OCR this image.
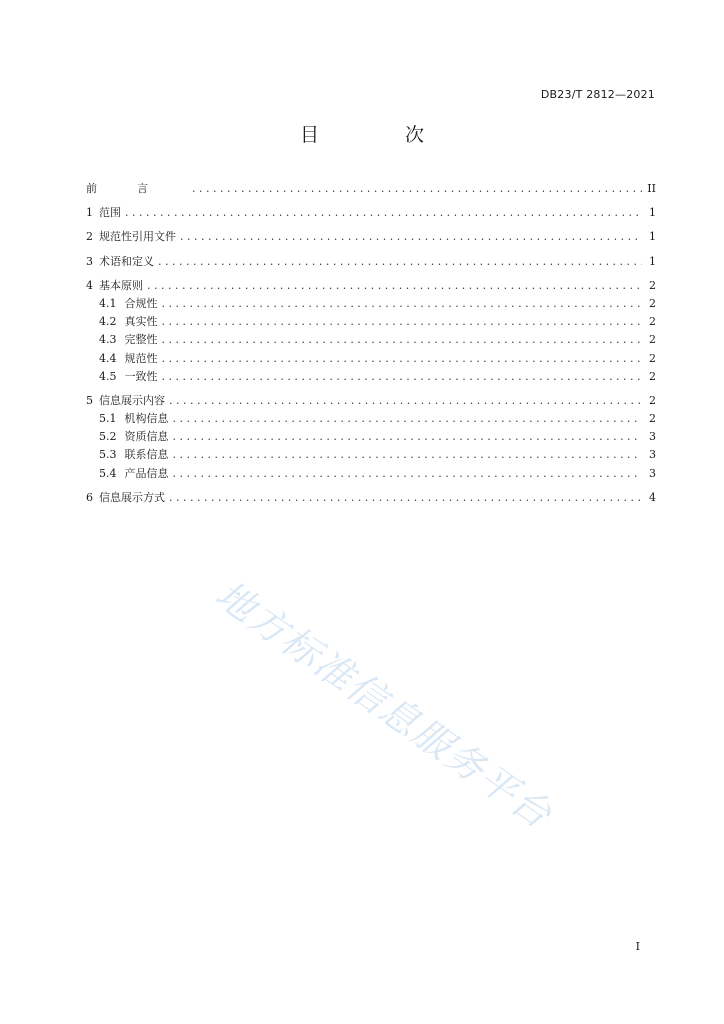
DB23/T 2812—2021
目 次
前言 . . .	II
1 范围 . . .	1
2 规范性引用文件 . . .	1
3 术语和定义 . . .	1
4 基本原则 . . .	2
4.1 合规性 . . .	2
4.2 真实性 . . .	2
4.3 完整性 . . .	2
4.4 规范性 . . .	2
4.5 一致性 . . .	2
5 信息展示内容 . . .	2
5.1 机构信息 . . .	2
5.2 资质信息 . . .	3
5.3 联系信息 . . .	3
5.4 产品信息 . . .	3
6 信息展示方式 . . .	4
地方标准信息服务平台
I
